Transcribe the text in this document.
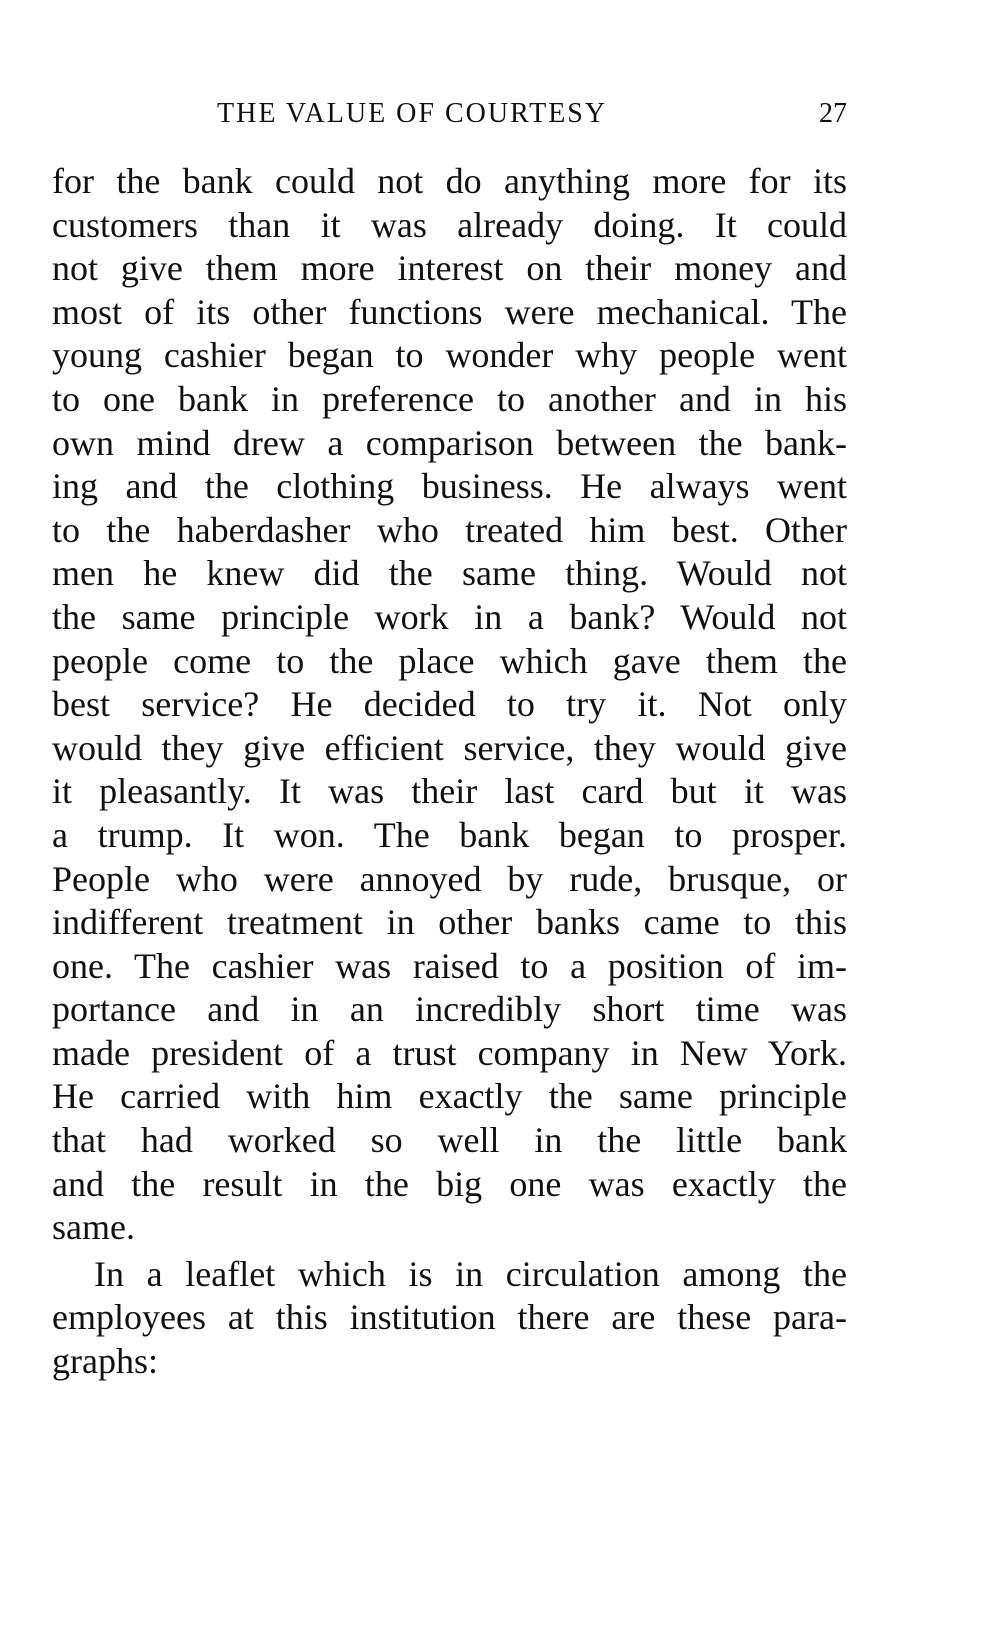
THE VALUE OF COURTESY	27
for the bank could not do anything more for its
customers than it was already doing. It could
not give them more interest on their money and
most of its other functions were mechanical. The
young cashier began to wonder why people went
to one bank in preference to another and in his
own mind drew a comparison between the bank-
ing and the clothing business. He always went
to the haberdasher who treated him best. Other
men he knew did the same thing. Would not
the same principle work in a bank? Would not
people come to the place which gave them the
best service? He decided to try it. Not only
would they give efficient service, they would give
it pleasantly. It was their last card but it was
a trump. It won. The bank began to prosper.
People who were annoyed by rude, brusque, or
indifferent treatment in other banks came to this
one. The cashier was raised to a position of im-
portance and in an incredibly short time was
made president of a trust company in New York.
He carried with him exactly the same principle
that had worked so well in the little bank
and the result in the big one was exactly the
same.
In a leaflet which is in circulation among the
employees at this institution there are these para-
graphs:
